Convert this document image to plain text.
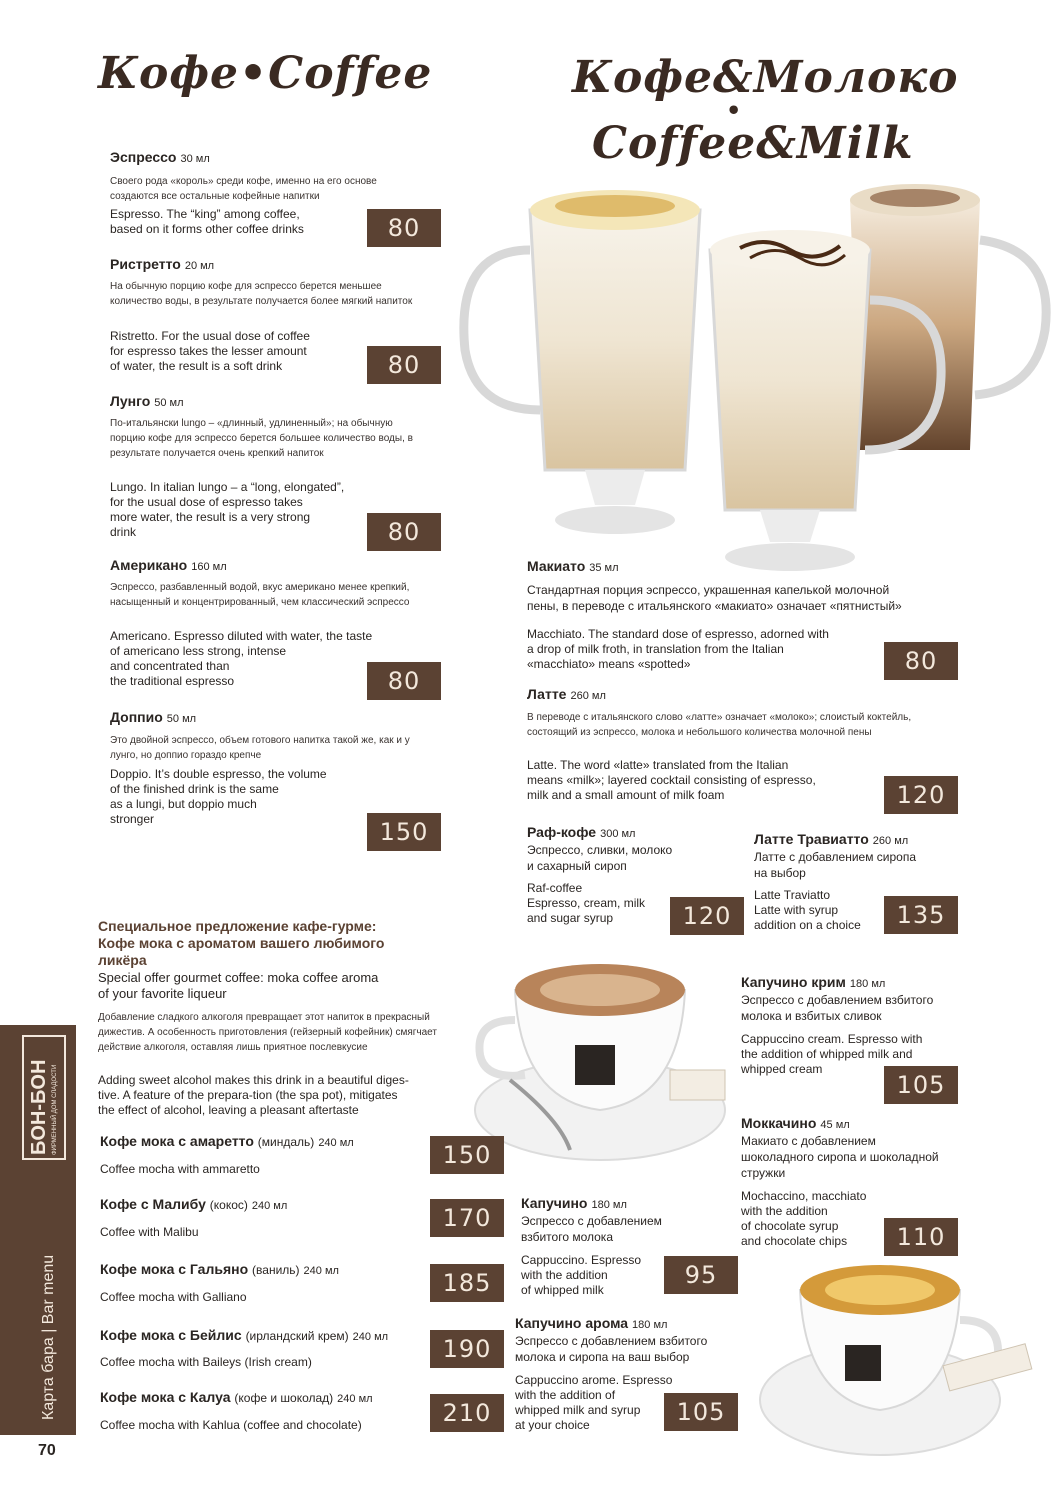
Кофе•Coffee	Кофе&Молоко
•
Coffee&Milk
Эспрессо 30 мл
Своего рода «король» среди кофе, именно на его основе создаются все остальные кофейные напитки
Espresso. The “king” among coffee,
based on it forms other coffee drinks	80
Ристретто 20 мл
На обычную порцию кофе для эспрессо берется меньшее количество воды, в результате получается более мягкий напиток
Ristretto. For the usual dose of coffee
for espresso takes the lesser amount
of water, the result is a soft drink	80
Лунго 50 мл
По-итальянски lungo – «длинный, удлиненный»; на обычную порцию кофе для эспрессо берется большее количество воды, в результате получается очень крепкий напиток
Lungo. In italian lungo – a “long, elongated”,
for the usual dose of espresso takes
more water, the result is a very strong
drink	80
Американо 160 мл
Эспрессо, разбавленный водой, вкус американо менее крепкий, насыщенный и концентрированный, чем классический эспрессо
Americano. Espresso diluted with water, the taste
of americano less strong, intense
and concentrated than
the traditional espresso	80
Доппио 50 мл
Это двойной эспрессо, объем готового напитка такой же, как и у лунго, но доппио гораздо крепче
Doppio. It’s double espresso, the volume
of the finished drink is the same
as a lungi, but doppio much
stronger	150
Специальное предложение кафе-гурме:
Кофе мока с ароматом вашего любимого
ликёра
Special offer gourmet coffee: moka coffee aroma
of your favorite liqueur
Добавление сладкого алкоголя превращает этот напиток в прекрасный дижестив. А особенность приготовления (гейзерный кофейник) смягчает действие алкоголя, оставляя лишь приятное послевкусие
Adding sweet alcohol makes this drink in a beautiful diges-
tive. A feature of the prepara-tion (the spa pot), mitigates
the effect of alcohol, leaving a pleasant aftertaste
Кофе мока с амаретто (миндаль) 240 мл
Coffee mocha with ammaretto	150
Кофе с Малибу (кокос) 240 мл
Coffee with Malibu	170
Кофе мока с Гальяно (ваниль) 240 мл
Coffee mocha with Galliano	185
Кофе мока с Бейлис (ирландский крем) 240 мл
Coffee mocha with Baileys (Irish cream)	190
Кофе мока с Калуа (кофе и шоколад) 240 мл
Coffee mocha with Kahlua (coffee and chocolate)	210
Макиато 35 мл
Стандартная порция эспрессо, украшенная капелькой молочной
пены, в переводе с итальянского «макиато» означает «пятнистый»
Macchiato. The standard dose of espresso, adorned with
a drop of milk froth, in translation from the Italian
«macchiato» means «spotted»	80
Латте 260 мл
В переводе с итальянского слово «латте» означает «молоко»; слоистый коктейль, состоящий из эспрессо, молока и небольшого количества молочной пены
Latte. The word «latte» translated from the Italian
means «milk»; layered cocktail consisting of espresso,
milk and a small amount of milk foam	120
Раф-кофе 300 мл
Эспрессо, сливки, молоко
и сахарный сироп
Raf-coffee
Espresso, cream, milk
and sugar syrup	120
Латте Травиатто 260 мл
Латте с добавлением сиропа
на выбор
Latte Traviatto
Latte with syrup
addition on a choice	135
Капучино крим 180 мл
Эспрессо с добавлением взбитого
молока и взбитых сливок
Cappuccino cream. Espresso with
the addition of whipped milk and
whipped cream
105
Моккачино 45 мл
Макиато с добавлением
шоколадного сиропа и шоколадной
стружки
Mochaccino, macchiato
with the addition
of chocolate syrup
and chocolate chips	110
Капучино 180 мл
Эспрессо с добавлением
взбитого молока
Cappuccino. Espresso
with the addition
of whipped milk
95
Капучино арома 180 мл
Эспрессо с добавлением взбитого
молока и сиропа на ваш выбор
Cappuccino arome. Espresso
with the addition of
whipped milk and syrup
at your choice	105
БОН-БОН ФИРМЕННЫЙ ДОМ СЛАДОСТИ
Карта бара | Bar menu
70
